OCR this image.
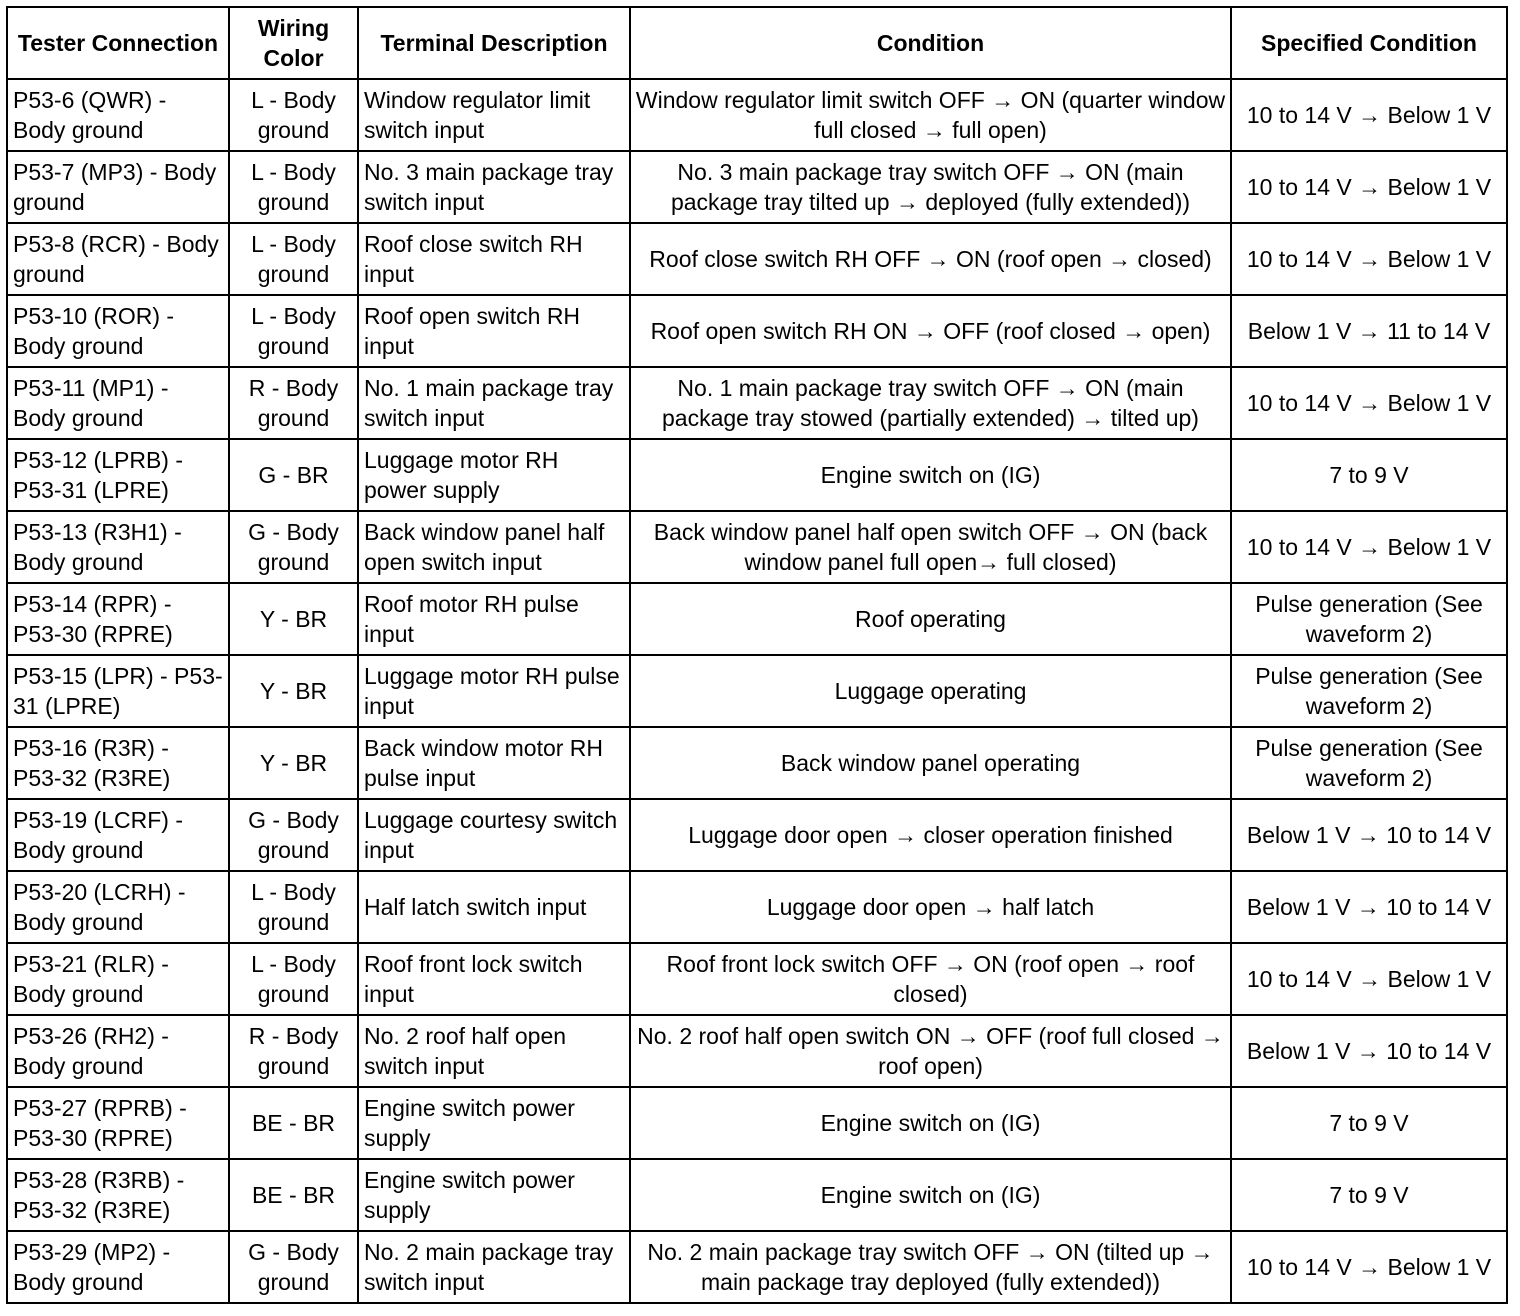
Tester Connection	Wiring Color	Terminal Description	Condition	Specified Condition
P53-6 (QWR) - Body ground	L - Body ground	Window regulator limit switch input	Window regulator limit switch OFF → ON (quarter window full closed → full open)	10 to 14 V → Below 1 V
P53-7 (MP3) - Body ground	L - Body ground	No. 3 main package tray switch input	No. 3 main package tray switch OFF → ON (main package tray tilted up → deployed (fully extended))	10 to 14 V → Below 1 V
P53-8 (RCR) - Body ground	L - Body ground	Roof close switch RH input	Roof close switch RH OFF → ON (roof open → closed)	10 to 14 V → Below 1 V
P53-10 (ROR) - Body ground	L - Body ground	Roof open switch RH input	Roof open switch RH ON → OFF (roof closed → open)	Below 1 V → 11 to 14 V
P53-11 (MP1) - Body ground	R - Body ground	No. 1 main package tray switch input	No. 1 main package tray switch OFF → ON (main package tray stowed (partially extended) → tilted up)	10 to 14 V → Below 1 V
P53-12 (LPRB) - P53-31 (LPRE)	G - BR	Luggage motor RH power supply	Engine switch on (IG)	7 to 9 V
P53-13 (R3H1) - Body ground	G - Body ground	Back window panel half open switch input	Back window panel half open switch OFF → ON (back window panel full open→ full closed)	10 to 14 V → Below 1 V
P53-14 (RPR) - P53-30 (RPRE)	Y - BR	Roof motor RH pulse input	Roof operating	Pulse generation (See waveform 2)
P53-15 (LPR) - P53-31 (LPRE)	Y - BR	Luggage motor RH pulse input	Luggage operating	Pulse generation (See waveform 2)
P53-16 (R3R) - P53-32 (R3RE)	Y - BR	Back window motor RH pulse input	Back window panel operating	Pulse generation (See waveform 2)
P53-19 (LCRF) - Body ground	G - Body ground	Luggage courtesy switch input	Luggage door open → closer operation finished	Below 1 V → 10 to 14 V
P53-20 (LCRH) - Body ground	L - Body ground	Half latch switch input	Luggage door open → half latch	Below 1 V → 10 to 14 V
P53-21 (RLR) - Body ground	L - Body ground	Roof front lock switch input	Roof front lock switch OFF → ON (roof open → roof closed)	10 to 14 V → Below 1 V
P53-26 (RH2) - Body ground	R - Body ground	No. 2 roof half open switch input	No. 2 roof half open switch ON → OFF (roof full closed → roof open)	Below 1 V → 10 to 14 V
P53-27 (RPRB) - P53-30 (RPRE)	BE - BR	Engine switch power supply	Engine switch on (IG)	7 to 9 V
P53-28 (R3RB) - P53-32 (R3RE)	BE - BR	Engine switch power supply	Engine switch on (IG)	7 to 9 V
P53-29 (MP2) - Body ground	G - Body ground	No. 2 main package tray switch input	No. 2 main package tray switch OFF → ON (tilted up → main package tray deployed (fully extended))	10 to 14 V → Below 1 V
